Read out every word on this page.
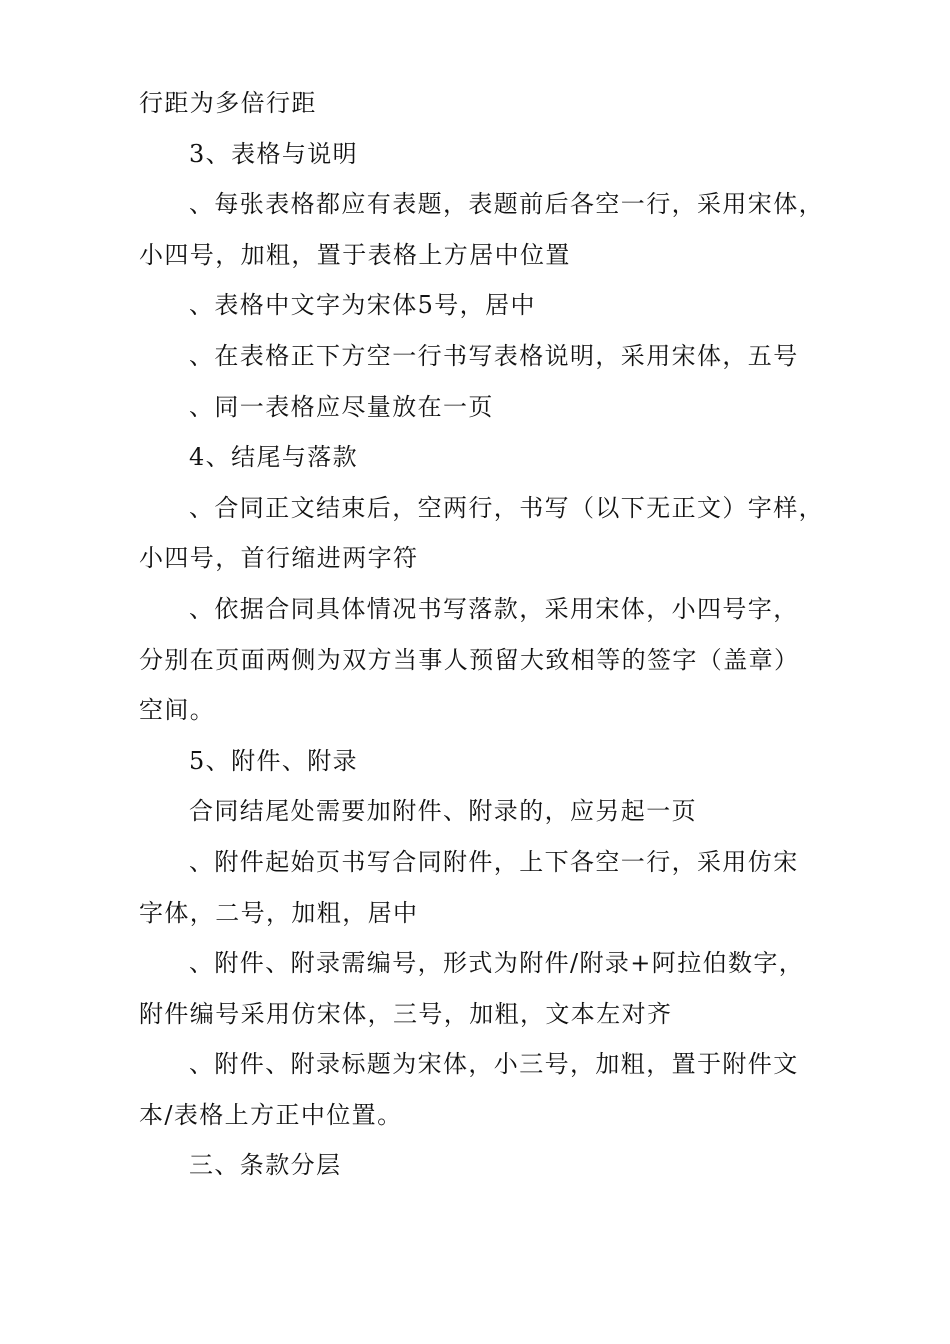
行距为多倍行距

3、表格与说明

、每张表格都应有表题，表题前后各空一行，采用宋体，

小四号，加粗，置于表格上方居中位置

、表格中文字为宋体5号，居中

、在表格正下方空一行书写表格说明，采用宋体，五号

、同一表格应尽量放在一页

4、结尾与落款

、合同正文结束后，空两行，书写（以下无正文）字样，

小四号，首行缩进两字符

、依据合同具体情况书写落款，采用宋体，小四号字，

分别在页面两侧为双方当事人预留大致相等的签字（盖章）

空间。

5、附件、附录

合同结尾处需要加附件、附录的，应另起一页

、附件起始页书写合同附件，上下各空一行，采用仿宋

字体，二号，加粗，居中

、附件、附录需编号，形式为附件/附录+阿拉伯数字，

附件编号采用仿宋体，三号，加粗，文本左对齐

、附件、附录标题为宋体，小三号，加粗，置于附件文

本/表格上方正中位置。

三、条款分层
